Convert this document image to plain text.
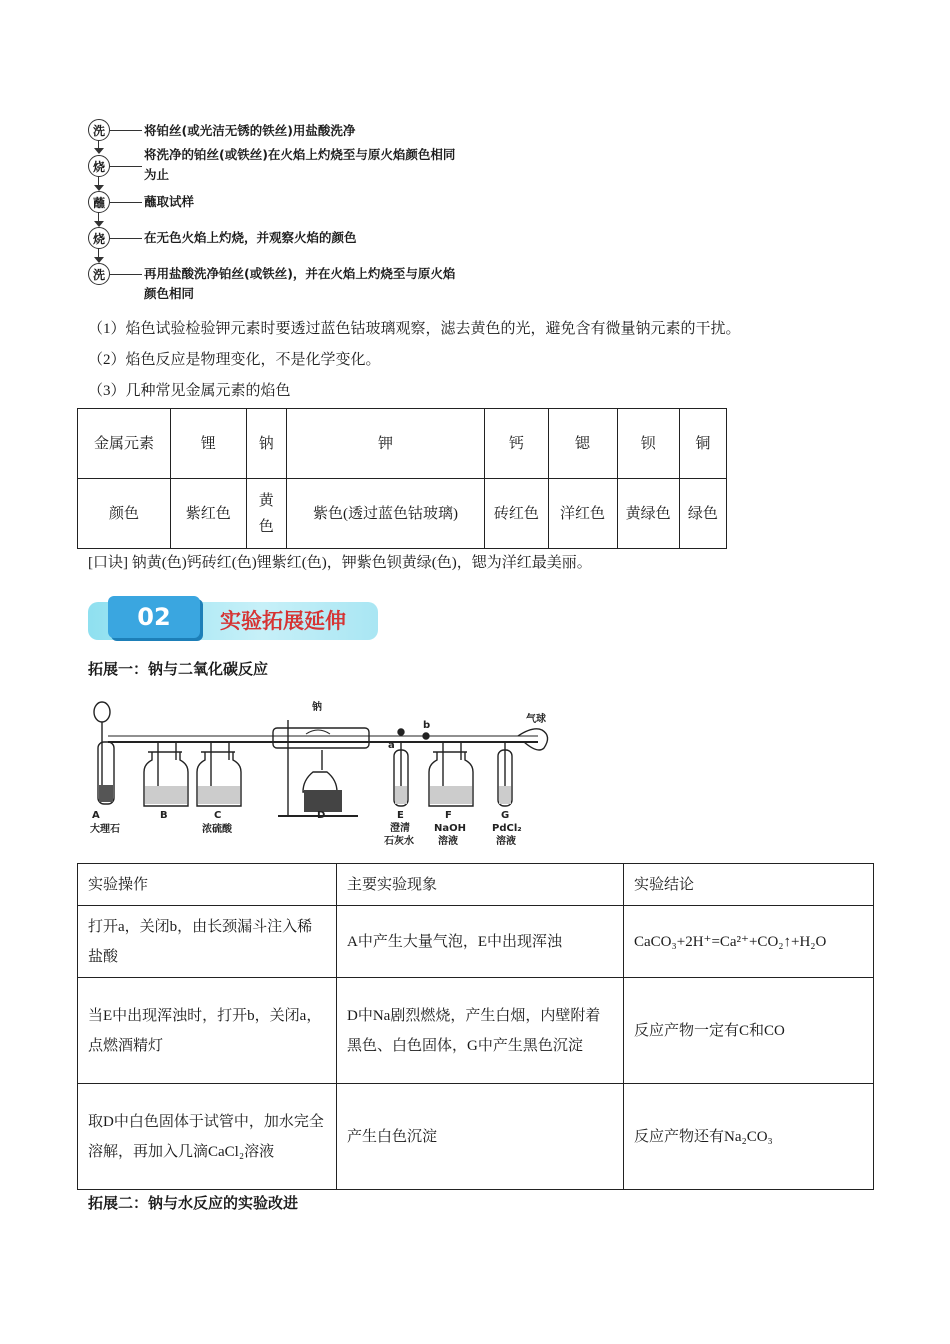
洗	将铂丝(或光洁无锈的铁丝)用盐酸洗净
烧
将洗净的铂丝(或铁丝)在火焰上灼烧至与原火焰颜色相同为止
蘸	蘸取试样
烧	在无色火焰上灼烧，并观察火焰的颜色
洗	再用盐酸洗净铂丝(或铁丝)，并在火焰上灼烧至与原火焰颜色相同
（1）焰色试验检验钾元素时要透过蓝色钴玻璃观察，滤去黄色的光，避免含有微量钠元素的干扰。
（2）焰色反应是物理变化，不是化学变化。
（3）几种常见金属元素的焰色
金属元素	锂	钠	钾	钙	锶	钡	铜
颜色	紫红色	黄色	紫色(透过蓝色钴玻璃)	砖红色	洋红色	黄绿色	绿色
[口诀] 钠黄(色)钙砖红(色)锂紫红(色)，钾紫色钡黄绿(色)，锶为洋红最美丽。
02	实验拓展延伸
拓展一：钠与二氧化碳反应
A
大理石
B	C
浓硫酸
D
钠
E
澄清
石灰水
F
NaOH
溶液
G
PdCl₂
溶液
气球
a
b
实验操作	主要实验现象	实验结论
打开a，关闭b，由长颈漏斗注入稀盐酸	A中产生大量气泡，E中出现浑浊	CaCO₃+2H⁺=Ca²⁺+CO₂↑+H₂O
当E中出现浑浊时，打开b，关闭a，点燃酒精灯	D中Na剧烈燃烧，产生白烟，内壁附着黑色、白色固体，G中产生黑色沉淀	反应产物一定有C和CO
取D中白色固体于试管中，加水完全溶解，再加入几滴CaCl₂溶液	产生白色沉淀	反应产物还有Na₂CO₃
拓展二：钠与水反应的实验改进
